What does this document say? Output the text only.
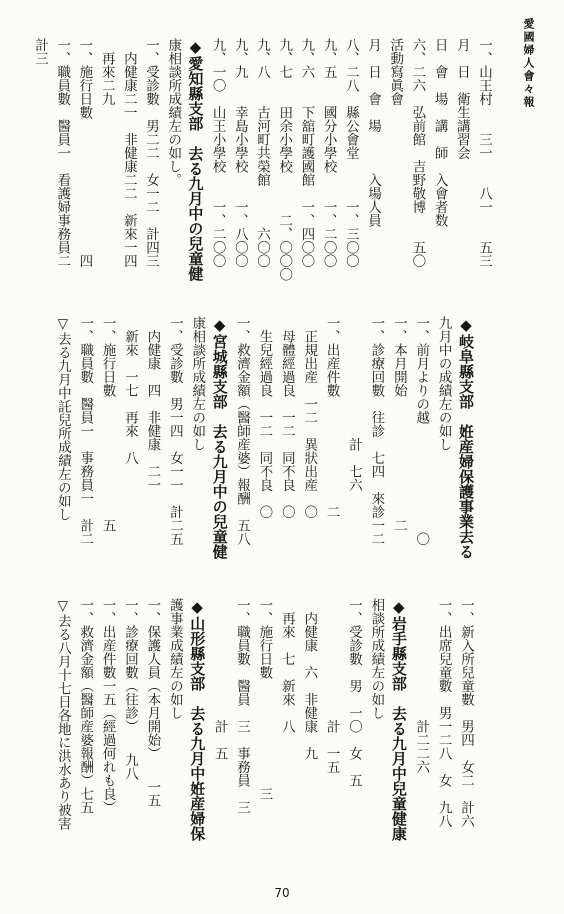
愛國婦人會々報
一、山王村　　三一　　八一　　五三
月　日　衛生講習会
日　會　場　講　師　入會者数
六、二六　弘前館　吉野敬博　　五〇
活動寫眞會
月　日　會　場　　　入場人員
八、二八　縣公會堂　　　一、三〇〇
九、五　　國分小學校　　一、二〇〇
九、六　　下舘町護國館　一、四〇〇
九、七　　田余小學校　　　二、〇〇〇
九、八　　古河町共榮館　　　六〇〇
九、九　　幸島小學校　　一、八〇〇
九、一〇　山王小學校　　一、二〇〇
◆愛知縣支部　去る九月中の兒童健
康相談所成績左の如し。
一、受診數　男二二　女一二　計四三
　内健康二一　非健康二二　新來一四
　再來二九
一、施行日數　　　　　　　　　　四
一、職員數　醫員一　看護婦事務員二
計三
◆岐阜縣支部　姙産婦保護事業去る
九月中の成績左の如し
一、前月よりの越　　　　　　　　〇
一、本月開始　　　　　　　　　二
一、診療回數　往診　七四　來診一二
　　　　　　　　　計　七六
一、出産件數　　　　　　　　二
　正規出産　一二　異狀出産　〇
　母體經過良　一二　同不良　〇
　生兒經過良　一二　同不良　〇
一、救濟金額（醫師産婆）報酬　五八
◆宮城縣支部　去る九月中の兒童健
康相談所成績左の如し
一、受診數　男一四　女一一　計二五
　内健康　四　非健康　二一
　新來　一七　再來　八
一、施行日數　　　　　　　　　五
一、職員數　醫員一　事務員一　計二
▽去る九月中託兒所成績左の如し
一、新入所兒童數　男四　女二　計六
一、出席兒童數　男一二八　女　九八
　　　　　　　　　計二二六
◆岩手縣支部　去る九月中兒童健康
相談所成績左の如し
一、受診數　男　一〇　女　五
　　　　　　　　　計　一五
　内健康　六　非健康　九
　再來　七　新來　八
一、施行日數　　　　　　　　三
一、職員數　醫員　三　事務員　三
　　　　　　　　　計　五
◆山形縣支部　去る九月中姙産婦保
護事業成績左の如し
一、保護人員（本月開始）　　一五
一、診療回數（往診）　　九八
一、出産件數一五（經過何れも良）
一、救濟金額（醫師産婆報酬）七五
▽去る八月十七日各地に洪水あり被害
70
